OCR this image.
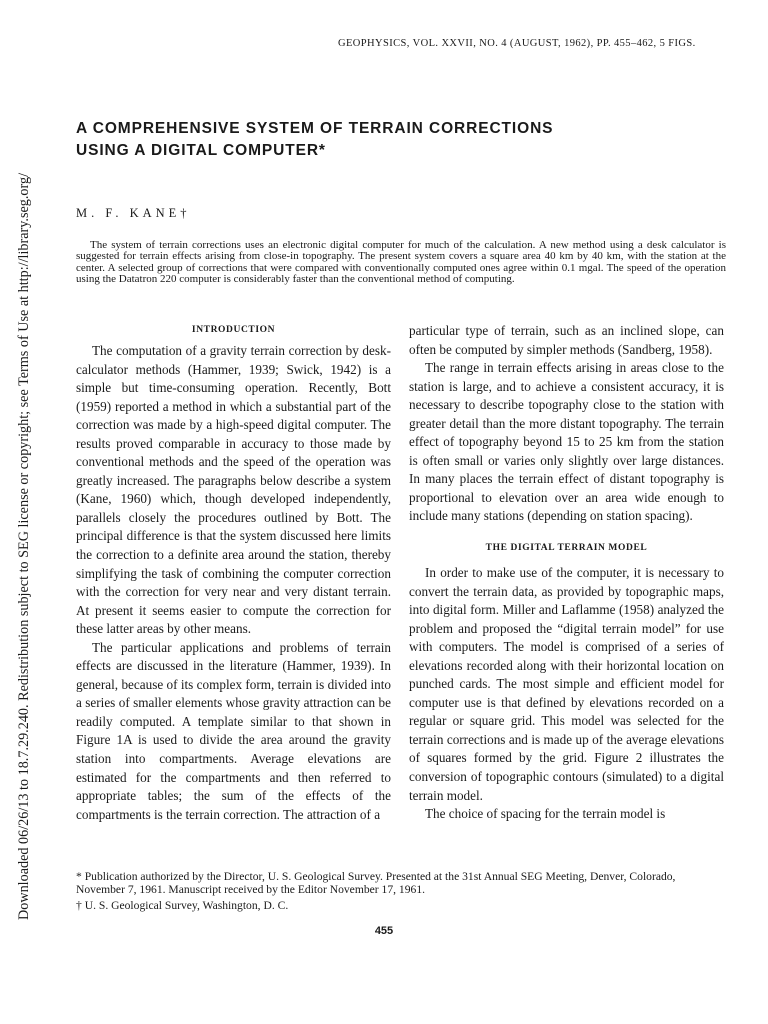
Downloaded 06/26/13 to 18.7.29.240. Redistribution subject to SEG license or copyright; see Terms of Use at http://library.seg.org/
GEOPHYSICS, VOL. XXVII, NO. 4 (AUGUST, 1962), PP. 455–462, 5 FIGS.
A COMPREHENSIVE SYSTEM OF TERRAIN CORRECTIONS
USING A DIGITAL COMPUTER*
M. F. KANE†
The system of terrain corrections uses an electronic digital computer for much of the calculation. A new method using a desk calculator is suggested for terrain effects arising from close-in topography. The present system covers a square area 40 km by 40 km, with the station at the center. A selected group of corrections that were compared with conventionally computed ones agree within 0.1 mgal. The speed of the operation using the Datatron 220 computer is considerably faster than the conventional method of computing.
INTRODUCTION

The computation of a gravity terrain correction by desk-calculator methods (Hammer, 1939; Swick, 1942) is a simple but time-consuming operation. Recently, Bott (1959) reported a method in which a substantial part of the correction was made by a high-speed digital computer. The results proved comparable in accuracy to those made by conventional methods and the speed of the operation was greatly increased. The paragraphs below describe a system (Kane, 1960) which, though developed independently, parallels closely the procedures outlined by Bott. The principal difference is that the system discussed here limits the correction to a definite area around the station, thereby simplifying the task of combining the computer correction with the correction for very near and very distant terrain. At present it seems easier to compute the correction for these latter areas by other means.

The particular applications and problems of terrain effects are discussed in the literature (Hammer, 1939). In general, because of its complex form, terrain is divided into a series of smaller elements whose gravity attraction can be readily computed. A template similar to that shown in Figure 1A is used to divide the area around the gravity station into compartments. Average elevations are estimated for the compartments and then referred to appropriate tables; the sum of the effects of the compartments is the terrain correction. The attraction of a

particular type of terrain, such as an inclined slope, can often be computed by simpler methods (Sandberg, 1958).

The range in terrain effects arising in areas close to the station is large, and to achieve a consistent accuracy, it is necessary to describe topography close to the station with greater detail than the more distant topography. The terrain effect of topography beyond 15 to 25 km from the station is often small or varies only slightly over large distances. In many places the terrain effect of distant topography is proportional to elevation over an area wide enough to include many stations (depending on station spacing).

THE DIGITAL TERRAIN MODEL

In order to make use of the computer, it is necessary to convert the terrain data, as provided by topographic maps, into digital form. Miller and Laflamme (1958) analyzed the problem and proposed the “digital terrain model” for use with computers. The model is comprised of a series of elevations recorded along with their horizontal location on punched cards. The most simple and efficient model for computer use is that defined by elevations recorded on a regular or square grid. This model was selected for the terrain corrections and is made up of the average elevations of squares formed by the grid. Figure 2 illustrates the conversion of topographic contours (simulated) to a digital terrain model.

The choice of spacing for the terrain model is

* Publication authorized by the Director, U. S. Geological Survey. Presented at the 31st Annual SEG Meeting, Denver, Colorado, November 7, 1961. Manuscript received by the Editor November 17, 1961.

† U. S. Geological Survey, Washington, D. C.

455
